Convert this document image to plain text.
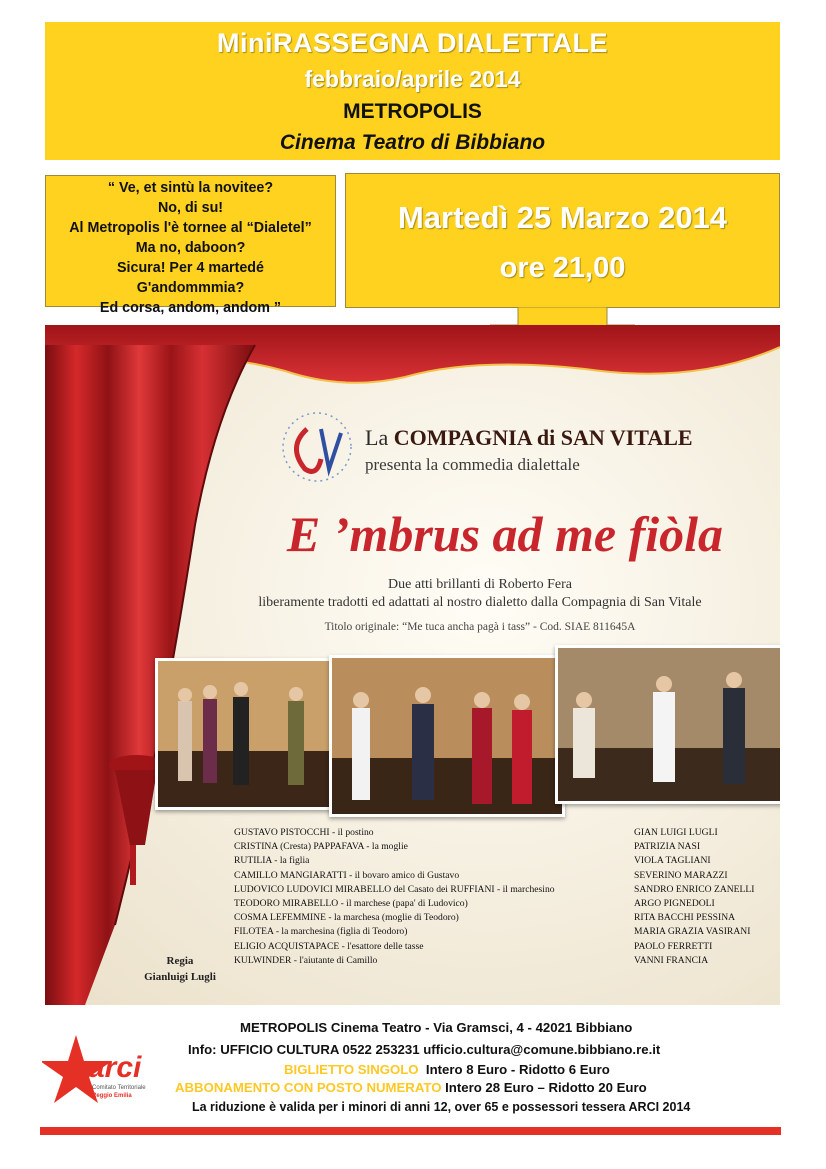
MiniRASSEGNA DIALETTALE
febbraio/aprile 2014
METROPOLIS
Cinema Teatro di Bibbiano
“ Ve, et sintù la novitee?
No, di su!
Al Metropolis l'è tornee al “Dialetel”
Ma no, daboon?
Sicura! Per 4 martedé
G'andommmia?
Ed corsa, andom, andom ”
Martedì 25 Marzo 2014
ore 21,00
La COMPAGNIA di SAN VITALE
presenta la commedia dialettale
E ’mbrus ad me fiòla
Due atti brillanti di Roberto Fera
liberamente tradotti ed adattati al nostro dialetto dalla Compagnia di San Vitale
Titolo originale: “Me tuca ancha pagà i tass” - Cod. SIAE 811645A
GUSTAVO PISTOCCHI - il postino	GIAN LUIGI LUGLI
CRISTINA (Cresta) PAPPAFAVA - la moglie	PATRIZIA NASI
RUTILIA - la figlia	VIOLA TAGLIANI
CAMILLO MANGIARATTI - il bovaro amico di Gustavo	SEVERINO MARAZZI
LUDOVICO LUDOVICI MIRABELLO del Casato dei RUFFIANI - il marchesino	SANDRO ENRICO ZANELLI
TEODORO MIRABELLO - il marchese (papa' di Ludovico)	ARGO PIGNEDOLI
COSMA LEFEMMINE - la marchesa (moglie di Teodoro)	RITA BACCHI PESSINA
FILOTEA - la marchesina (figlia di Teodoro)	MARIA GRAZIA VASIRANI
ELIGIO ACQUISTAPACE - l'esattore delle tasse	PAOLO FERRETTI
KULWINDER - l'aiutante di Camillo	VANNI FRANCIA
Regia
Gianluigi Lugli
arci
Comitato Territoriale
Reggio Emilia
METROPOLIS Cinema Teatro - Via Gramsci, 4 - 42021 Bibbiano
Info: UFFICIO CULTURA 0522 253231 ufficio.cultura@comune.bibbiano.re.it
BIGLIETTO SINGOLO Intero 8 Euro - Ridotto 6 Euro
ABBONAMENTO CON POSTO NUMERATO Intero 28 Euro – Ridotto 20 Euro
La riduzione è valida per i minori di anni 12, over 65 e possessori tessera ARCI 2014
